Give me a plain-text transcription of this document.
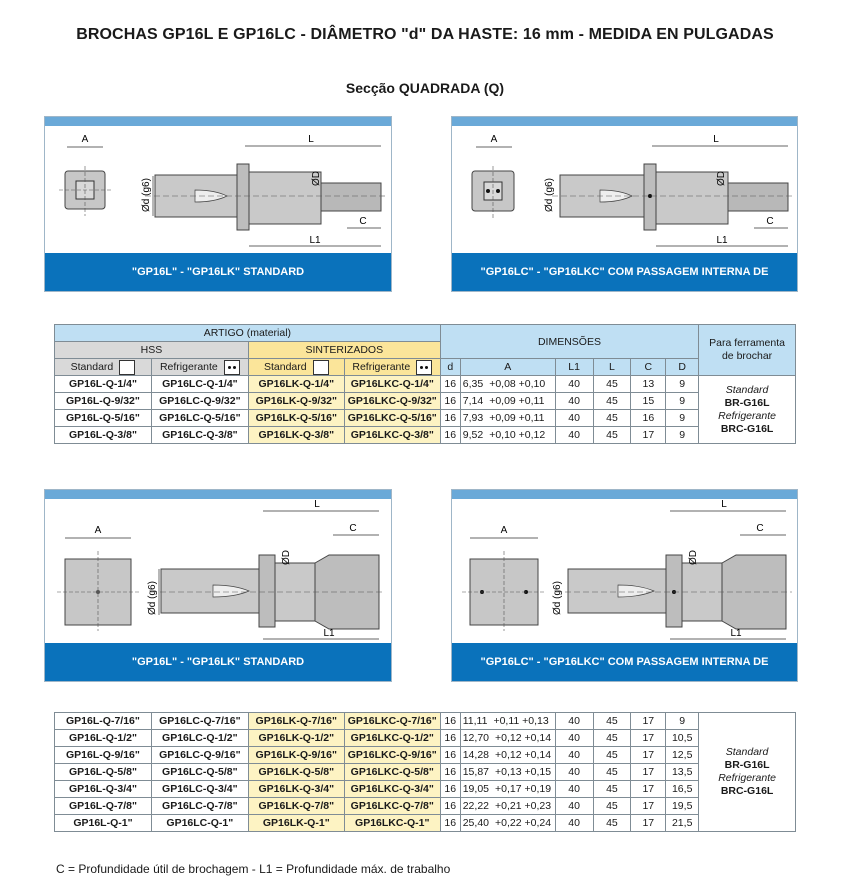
BROCHAS GP16L E GP16LC - DIÂMETRO "d" DA HASTE: 16 mm - MEDIDA EN PULGADAS
Secção QUADRADA (Q)
A
Ød (g6)
L
ØD
C
L1
"GP16L" - "GP16LK" STANDARD
A
Ød (g6)
L
ØD
C
L1
"GP16LC" - "GP16LKC" COM PASSAGEM INTERNA DE REFRIGERANTE
ARTIGO (material)				DIMENSÕES						Para ferramenta de brochar
HSS		SINTERIZADOS								
Standard	Refrigerante	Standard	Refrigerante	d	A	L1	L	C	D	
GP16L-Q-1/4"	GP16LC-Q-1/4"	GP16LK-Q-1/4"	GP16LKC-Q-1/4"	16	6,35 +0,08 +0,10	40	45	13	9	Standard
BR-G16L
Refrigerante
BRC-G16L

GP16L-Q-9/32"	GP16LC-Q-9/32"	GP16LK-Q-9/32"	GP16LKC-Q-9/32"	16	7,14 +0,09 +0,11	40	45	15	9	
GP16L-Q-5/16"	GP16LC-Q-5/16"	GP16LK-Q-5/16"	GP16LKC-Q-5/16"	16	7,93 +0,09 +0,11	40	45	16	9	
GP16L-Q-3/8"	GP16LC-Q-3/8"	GP16LK-Q-3/8"	GP16LKC-Q-3/8"	16	9,52 +0,10 +0,12	40	45	17	9	
A
Ød (g6)
L
C
ØD
L1
"GP16L" - "GP16LK" STANDARD
A
Ød (g6)
L
C
ØD
L1
"GP16LC" - "GP16LKC" COM PASSAGEM INTERNA DE REFRIGERANTE
GP16L-Q-7/16"	GP16LC-Q-7/16"	GP16LK-Q-7/16"	GP16LKC-Q-7/16"	16	11,11 +0,11 +0,13	40	45	17	9	Standard
BR-G16L
Refrigerante
BRC-G16L

GP16L-Q-1/2"	GP16LC-Q-1/2"	GP16LK-Q-1/2"	GP16LKC-Q-1/2"	16	12,70 +0,12 +0,14	40	45	17	10,5	
GP16L-Q-9/16"	GP16LC-Q-9/16"	GP16LK-Q-9/16"	GP16LKC-Q-9/16"	16	14,28 +0,12 +0,14	40	45	17	12,5	
GP16L-Q-5/8"	GP16LC-Q-5/8"	GP16LK-Q-5/8"	GP16LKC-Q-5/8"	16	15,87 +0,13 +0,15	40	45	17	13,5	
GP16L-Q-3/4"	GP16LC-Q-3/4"	GP16LK-Q-3/4"	GP16LKC-Q-3/4"	16	19,05 +0,17 +0,19	40	45	17	16,5	
GP16L-Q-7/8"	GP16LC-Q-7/8"	GP16LK-Q-7/8"	GP16LKC-Q-7/8"	16	22,22 +0,21 +0,23	40	45	17	19,5	
GP16L-Q-1"	GP16LC-Q-1"	GP16LK-Q-1"	GP16LKC-Q-1"	16	25,40 +0,22 +0,24	40	45	17	21,5	
C = Profundidade útil de brochagem - L1 = Profundidade máx. de trabalho
